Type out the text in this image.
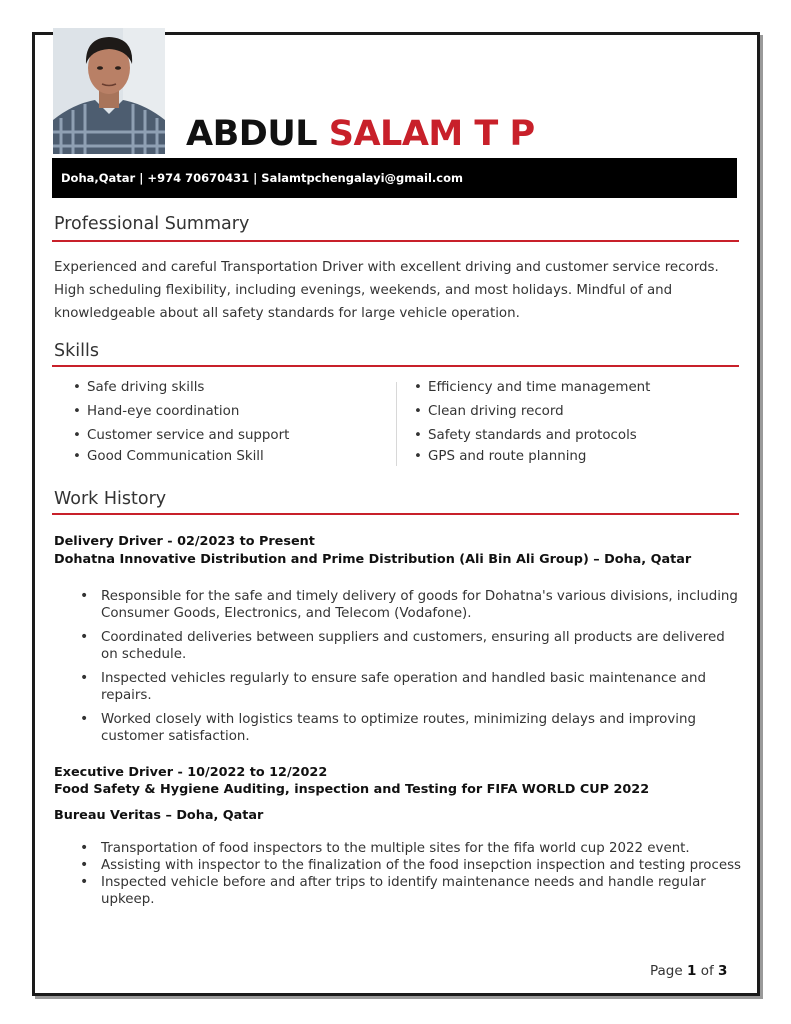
ABDUL SALAM T P
Doha,Qatar | +974 70670431 | Salamtpchengalayi@gmail.com
Professional Summary

Experienced and careful Transportation Driver with excellent driving and customer service records.

High scheduling flexibility, including evenings, weekends, and most holidays. Mindful of and

knowledgeable about all safety standards for large vehicle operation.

Skills
• Safe driving skills
• Hand-eye coordination
• Customer service and support
• Good Communication Skill
• Efficiency and time management
• Clean driving record
• Safety standards and protocols
• GPS and route planning
Work History
Delivery Driver - 02/2023 to Present
Dohatna Innovative Distribution and Prime Distribution (Ali Bin Ali Group) – Doha, Qatar
• Responsible for the safe and timely delivery of goods for Dohatna's various divisions, including Consumer Goods, Electronics, and Telecom (Vodafone).
• Coordinated deliveries between suppliers and customers, ensuring all products are delivered on schedule.
• Inspected vehicles regularly to ensure safe operation and handled basic maintenance and repairs.
• Worked closely with logistics teams to optimize routes, minimizing delays and improving customer satisfaction.
Executive Driver - 10/2022 to 12/2022
Food Safety & Hygiene Auditing, inspection and Testing for FIFA WORLD CUP 2022
Bureau Veritas – Doha, Qatar
• Transportation of food inspectors to the multiple sites for the fifa world cup 2022 event.
• Assisting with inspector to the finalization of the food insepction inspection and testing process
• Inspected vehicle before and after trips to identify maintenance needs and handle regular upkeep.
Page 1 of 3
